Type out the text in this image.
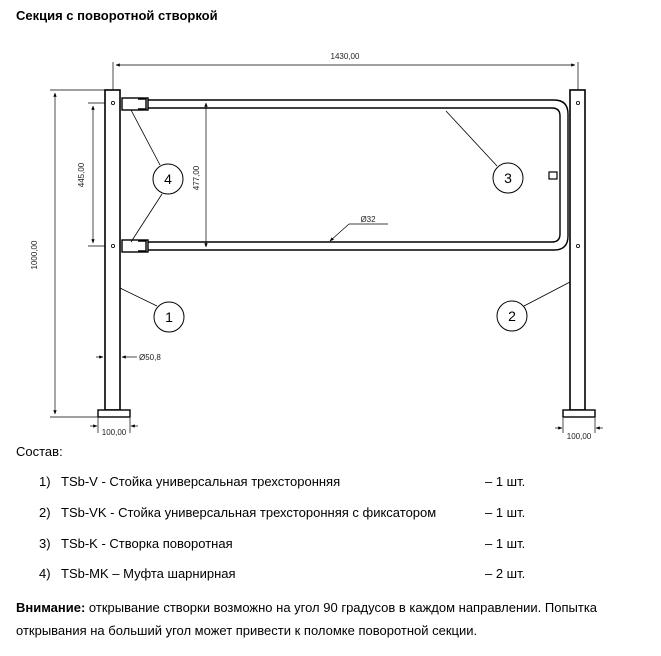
Секция с поворотной створкой
1430,00
1000,00
445,00	477,00
Ø32
Ø50,8
100,00	100,00
4	3
1	2
Состав:
1) TSb-V - Стойка универсальная трехсторонняя	– 1 шт.
2) TSb-VK - Стойка универсальная трехсторонняя с фиксатором	– 1 шт.
3) TSb-K - Створка поворотная	– 1 шт.
4) TSb-MK – Муфта шарнирная	– 2 шт.
Внимание: открывание створки возможно на угол 90 градусов в каждом направлении. Попытка открывания на больший угол может привести к поломке поворотной секции.
